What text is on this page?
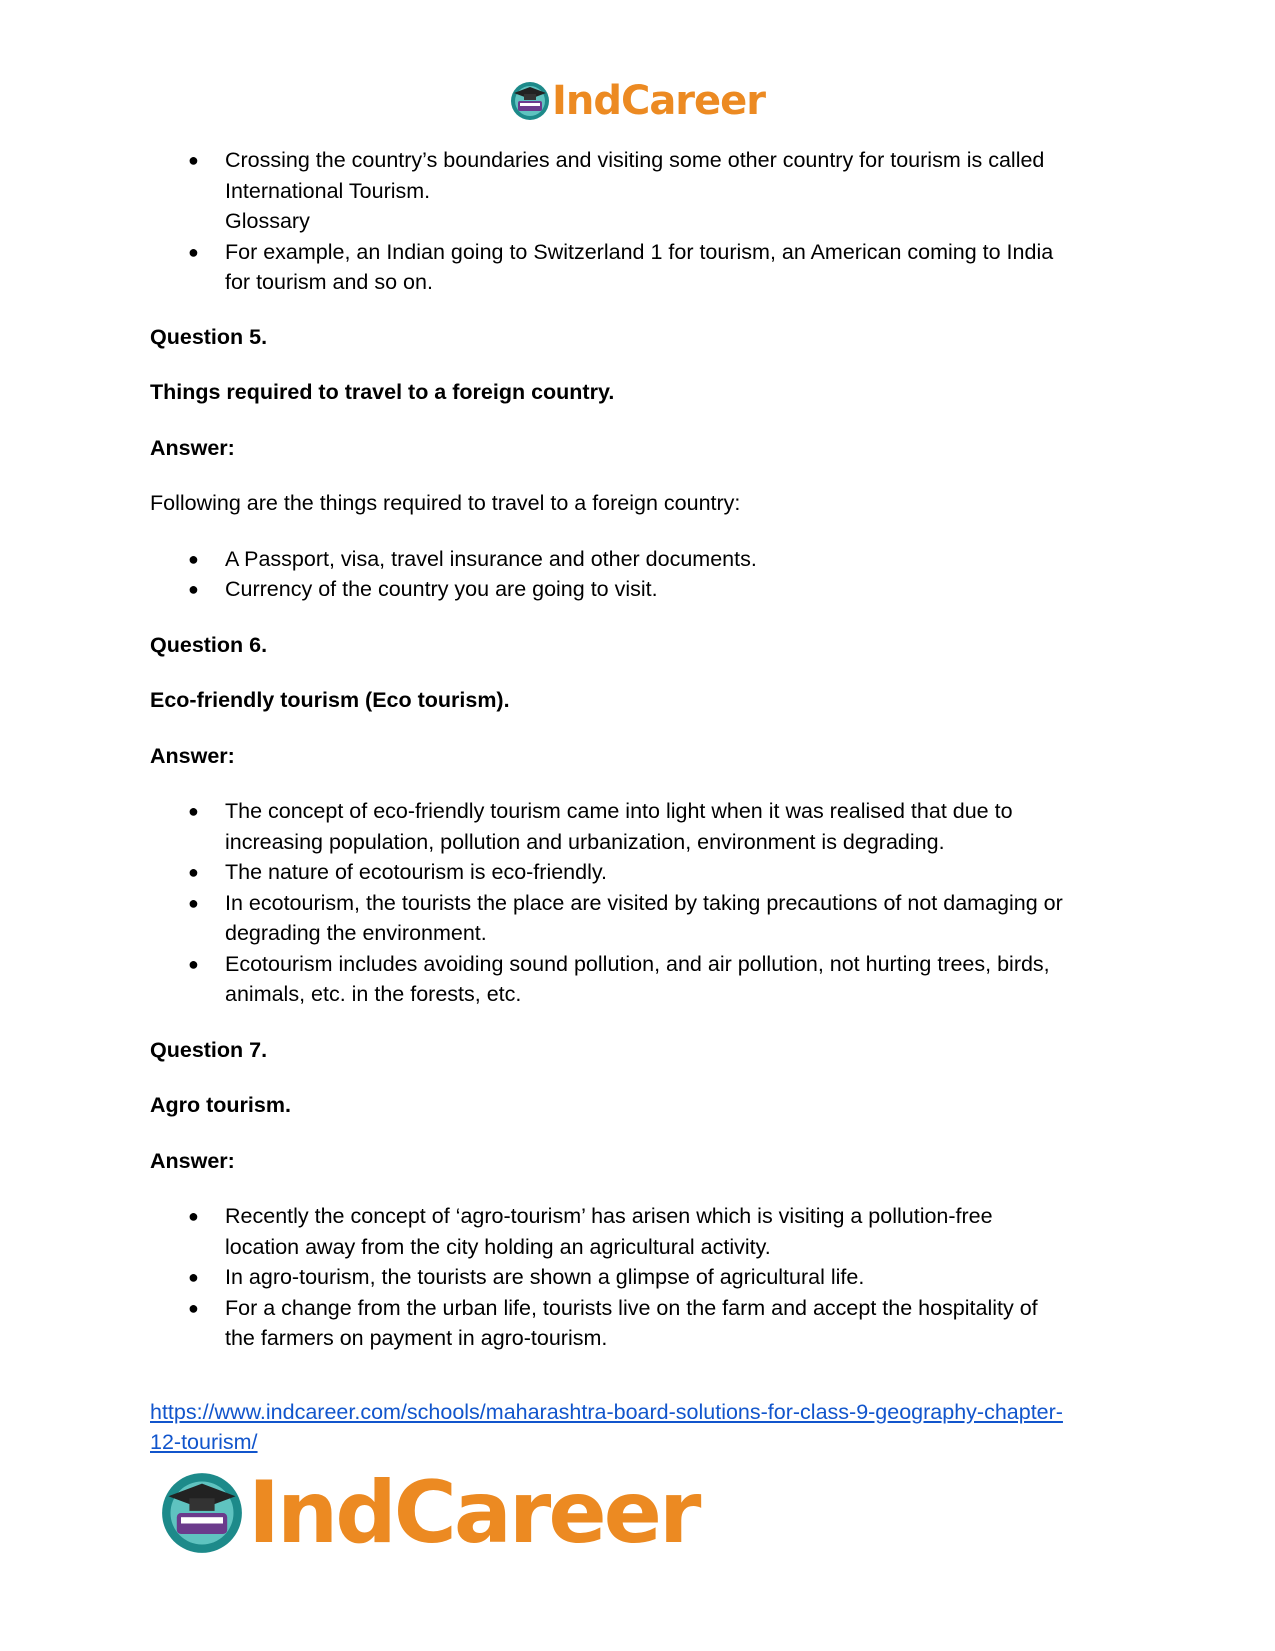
IndCareer
● Crossing the country’s boundaries and visiting some other country for tourism is called
International Tourism.
Glossary
● For example, an Indian going to Switzerland 1 for tourism, an American coming to India
for tourism and so on.

Question 5.

Things required to travel to a foreign country.

Answer:

Following are the things required to travel to a foreign country:

● A Passport, visa, travel insurance and other documents.
● Currency of the country you are going to visit.

Question 6.

Eco-friendly tourism (Eco tourism).

Answer:

● The concept of eco-friendly tourism came into light when it was realised that due to
increasing population, pollution and urbanization, environment is degrading.
● The nature of ecotourism is eco-friendly.
● In ecotourism, the tourists the place are visited by taking precautions of not damaging or
degrading the environment.
● Ecotourism includes avoiding sound pollution, and air pollution, not hurting trees, birds,
animals, etc. in the forests, etc.

Question 7.

Agro tourism.

Answer:

● Recently the concept of ‘agro-tourism’ has arisen which is visiting a pollution-free
location away from the city holding an agricultural activity.
● In agro-tourism, the tourists are shown a glimpse of agricultural life.
● For a change from the urban life, tourists live on the farm and accept the hospitality of
the farmers on payment in agro-tourism.
https://www.indcareer.com/schools/maharashtra-board-solutions-for-class-9-geography-chapter-
12-tourism/
IndCareer
